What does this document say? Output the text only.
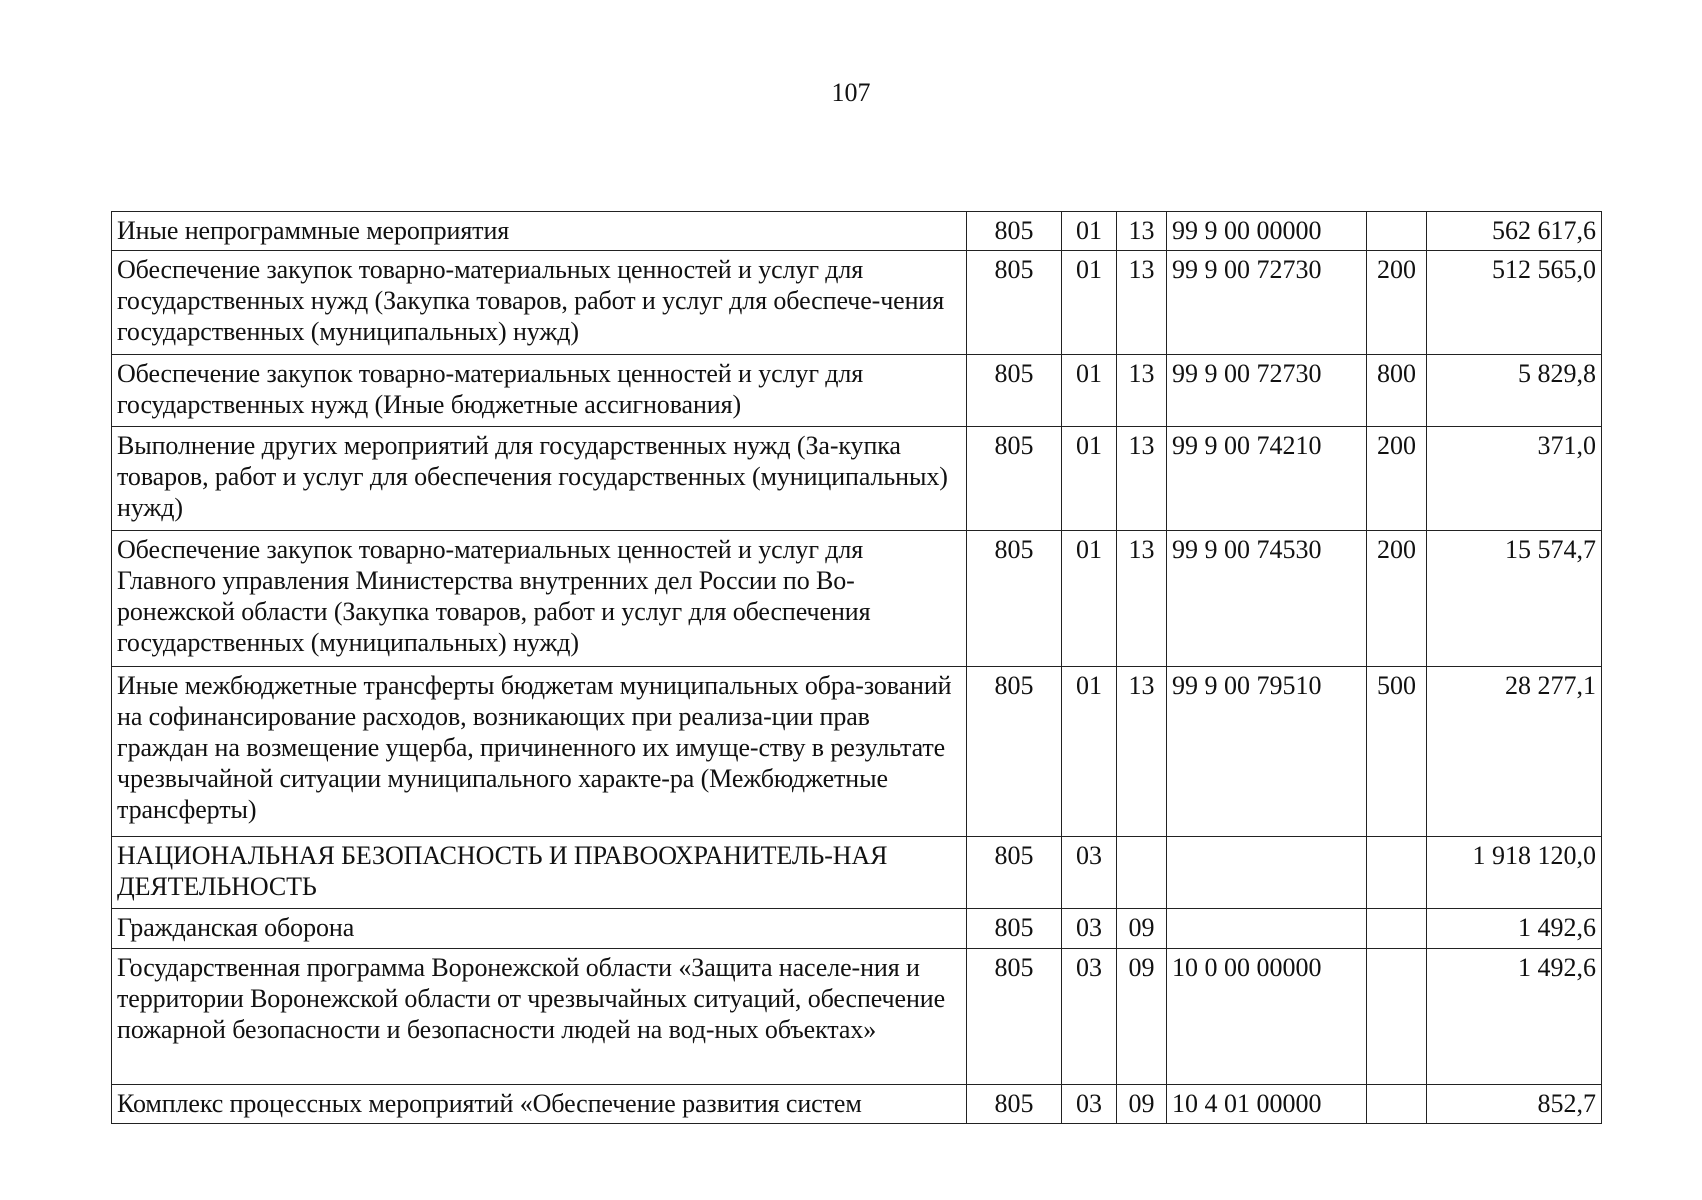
107
Иные непрограммные мероприятия	805	01	13	99 9 00 00000		562 617,6
Обеспечение закупок товарно-материальных ценностей и услуг для государственных нужд (Закупка товаров, работ и услуг для обеспече-чения государственных (муниципальных) нужд)	805	01	13	99 9 00 72730	200	512 565,0
Обеспечение закупок товарно-материальных ценностей и услуг для государственных нужд (Иные бюджетные ассигнования)	805	01	13	99 9 00 72730	800	5 829,8
Выполнение других мероприятий для государственных нужд (За-купка товаров, работ и услуг для обеспечения государственных (муниципальных) нужд)	805	01	13	99 9 00 74210	200	371,0
Обеспечение закупок товарно-материальных ценностей и услуг для Главного управления Министерства внутренних дел России по Во-ронежской области (Закупка товаров, работ и услуг для обеспечения государственных (муниципальных) нужд)	805	01	13	99 9 00 74530	200	15 574,7
Иные межбюджетные трансферты бюджетам муниципальных обра-зований на софинансирование расходов, возникающих при реализа-ции прав граждан на возмещение ущерба, причиненного их имуще-ству в результате чрезвычайной ситуации муниципального характе-ра (Межбюджетные трансферты)	805	01	13	99 9 00 79510	500	28 277,1
НАЦИОНАЛЬНАЯ БЕЗОПАСНОСТЬ И ПРАВООХРАНИТЕЛЬ-НАЯ ДЕЯТЕЛЬНОСТЬ	805	03				1 918 120,0
Гражданская оборона	805	03	09			1 492,6
Государственная программа Воронежской области «Защита населе-ния и территории Воронежской области от чрезвычайных ситуаций, обеспечение пожарной безопасности и безопасности людей на вод-ных объектах»	805	03	09	10 0 00 00000		1 492,6
Комплекс процессных мероприятий «Обеспечение развития систем	805	03	09	10 4 01 00000		852,7
